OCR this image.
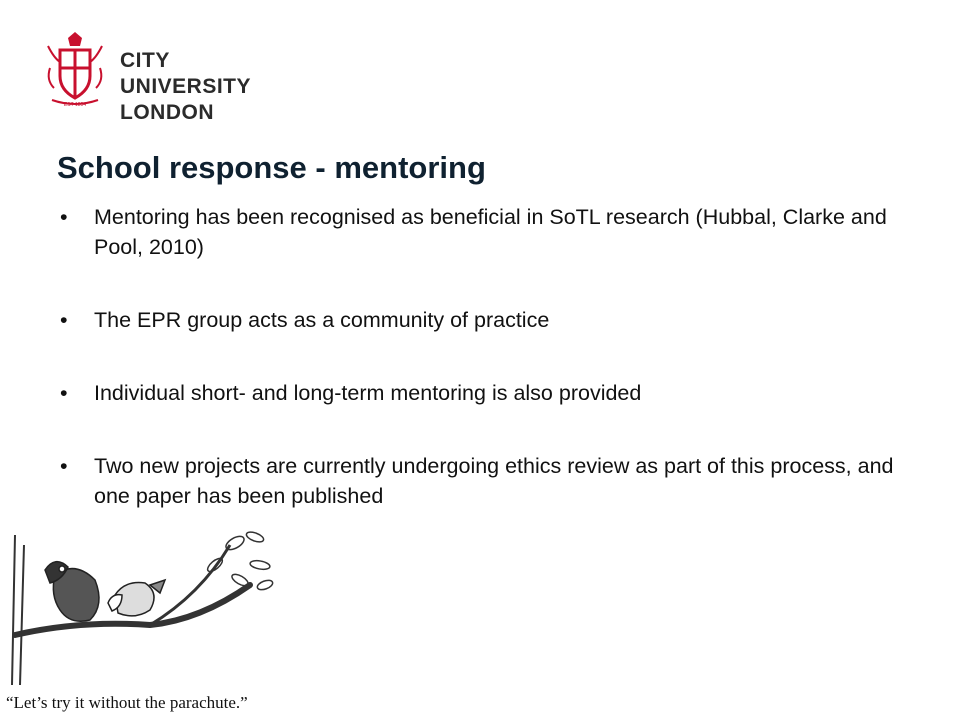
EST 1894
CITY UNIVERSITY
LONDON
School response - mentoring
• Mentoring has been recognised as beneficial in SoTL research (Hubbal, Clarke and Pool, 2010)
• The EPR group acts as a community of practice
• Individual short- and long-term mentoring is also provided
• Two new projects are currently undergoing ethics review as part of this process, and one paper has been published
“Let’s try it without the parachute.”
